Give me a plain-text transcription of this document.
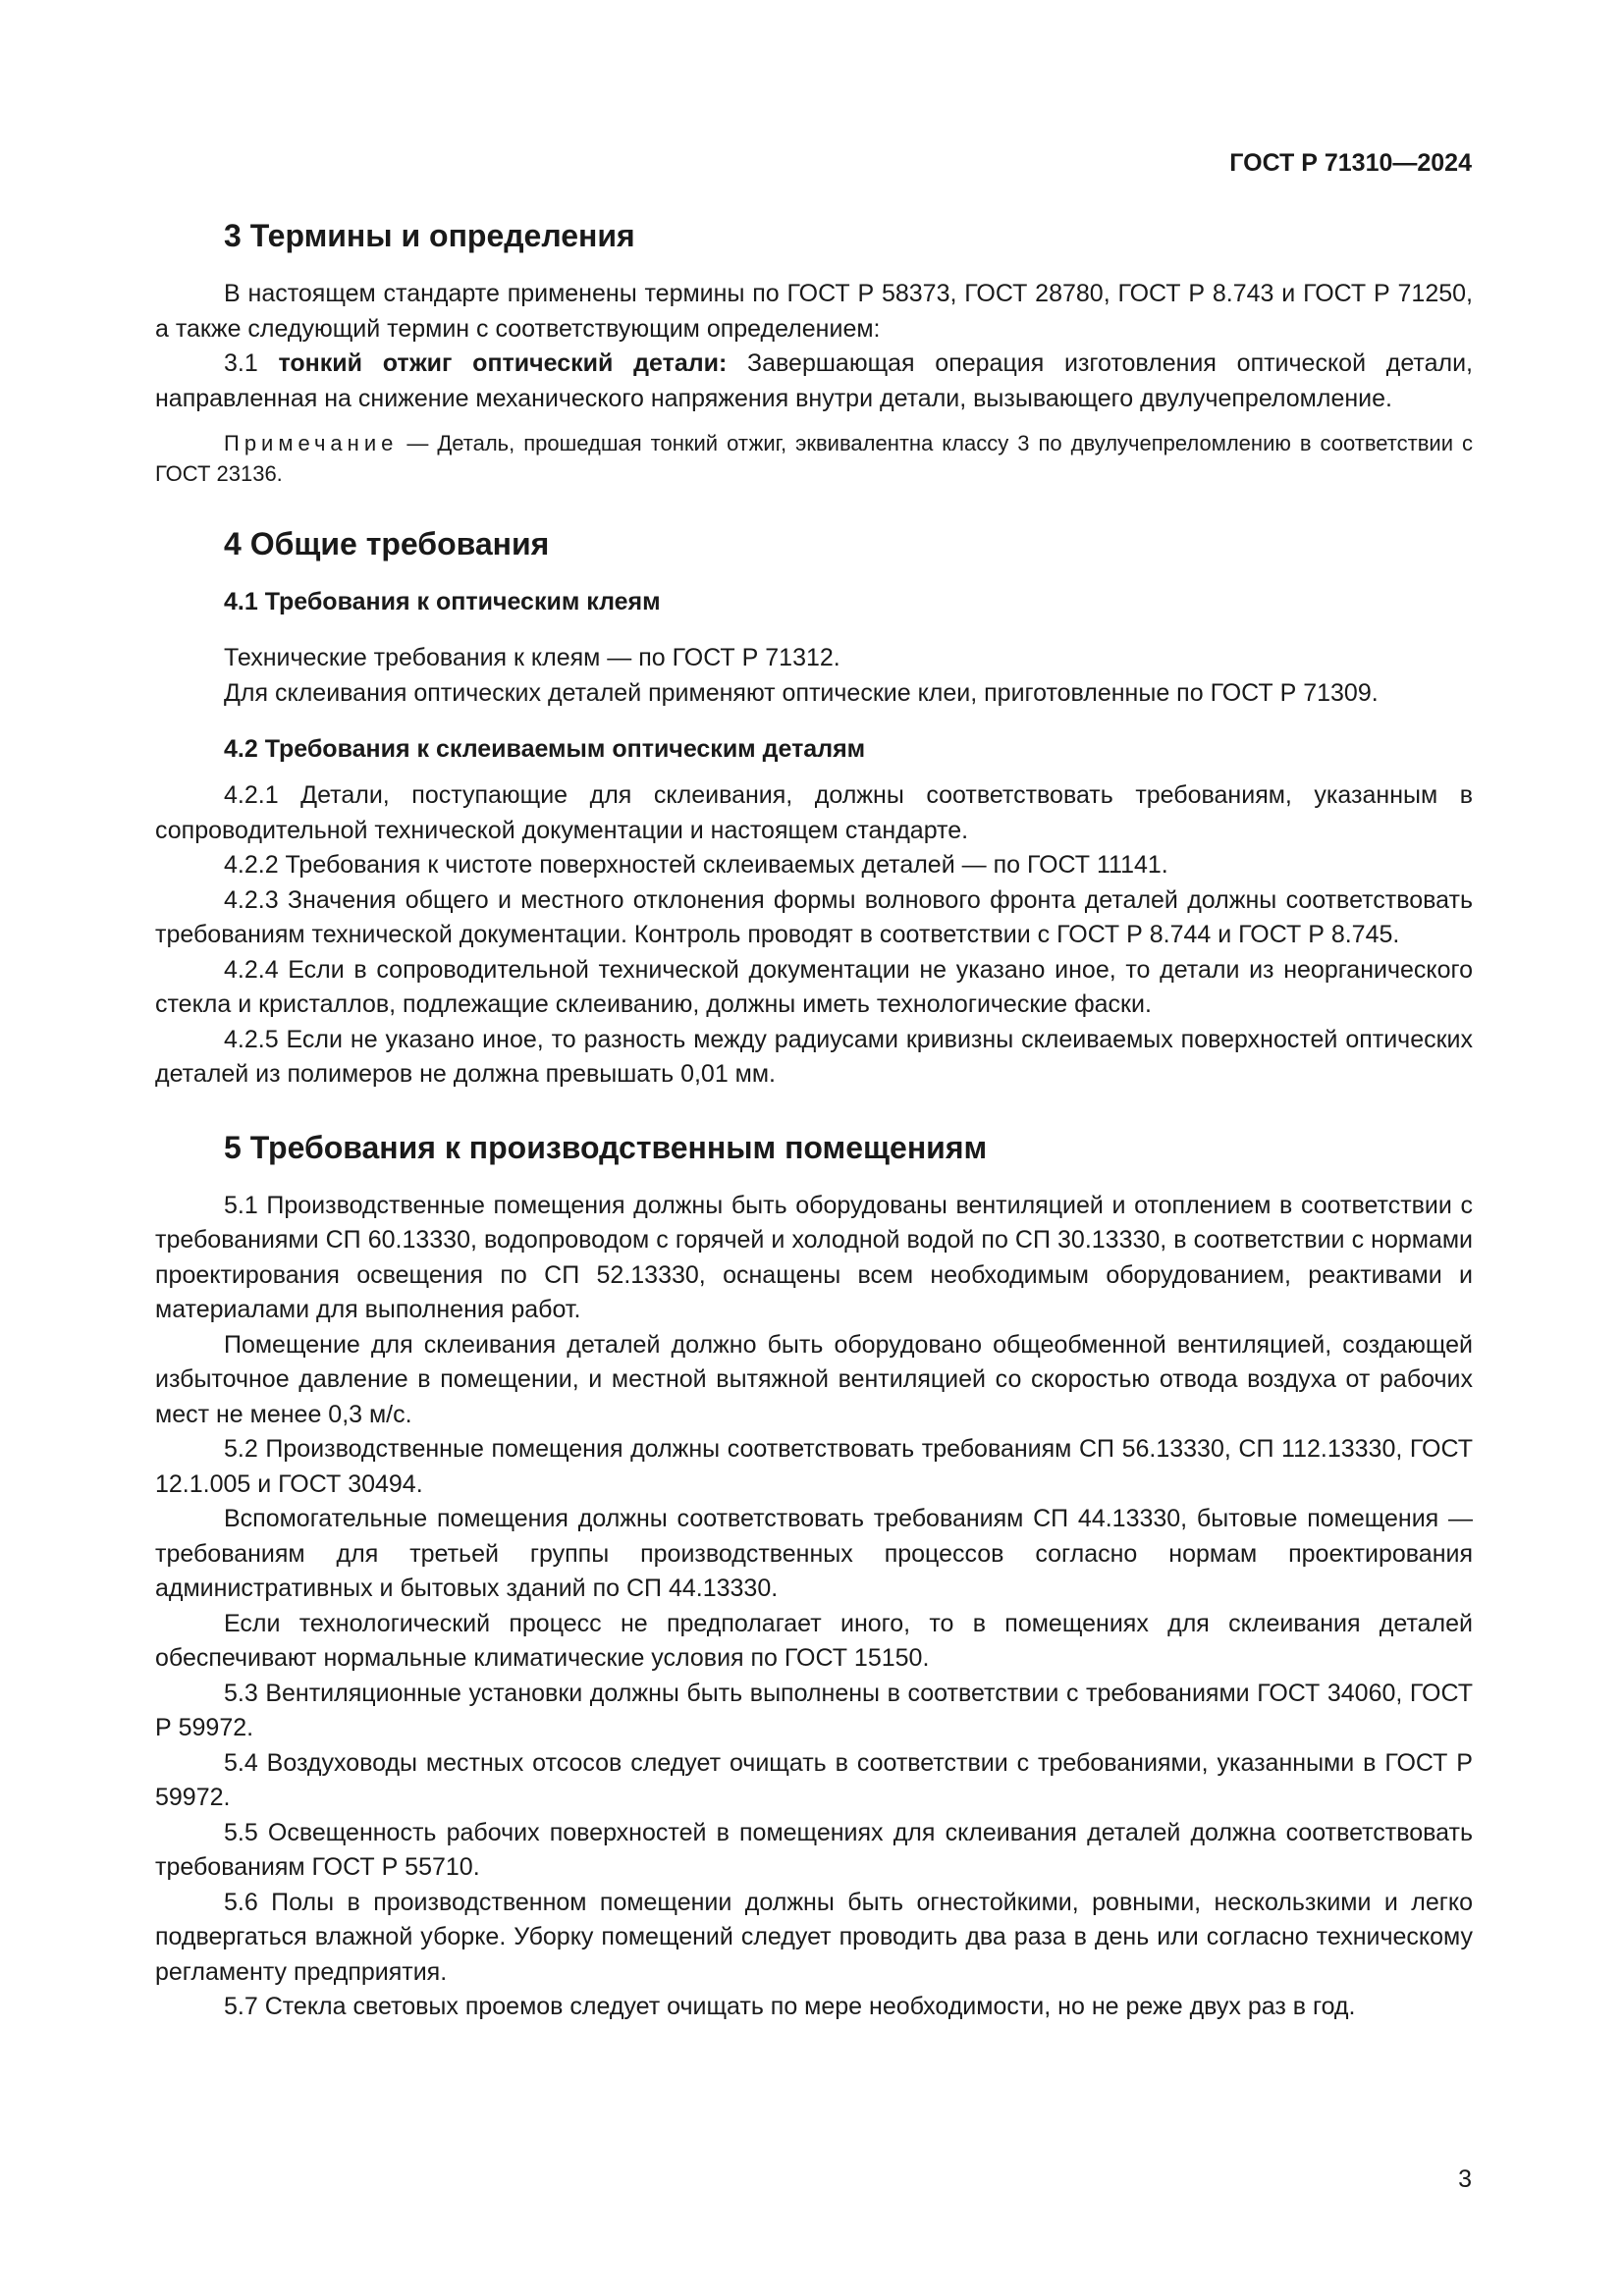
ГОСТ Р 71310—2024
3 Термины и определения

В настоящем стандарте применены термины по ГОСТ Р 58373, ГОСТ 28780, ГОСТ Р 8.743 и ГОСТ Р 71250, а также следующий термин с соответствующим определением:

3.1 тонкий отжиг оптический детали: Завершающая операция изготовления оптической детали, направленная на снижение механического напряжения внутри детали, вызывающего двулучепреломление.

Примечание — Деталь, прошедшая тонкий отжиг, эквивалентна классу 3 по двулучепреломлению в соответствии с ГОСТ 23136.

4 Общие требования
4.1 Требования к оптическим клеям

Технические требования к клеям — по ГОСТ Р 71312.

Для склеивания оптических деталей применяют оптические клеи, приготовленные по ГОСТ Р 71309.

4.2 Требования к склеиваемым оптическим деталям

4.2.1 Детали, поступающие для склеивания, должны соответствовать требованиям, указанным в сопроводительной технической документации и настоящем стандарте.

4.2.2 Требования к чистоте поверхностей склеиваемых деталей — по ГОСТ 11141.

4.2.3 Значения общего и местного отклонения формы волнового фронта деталей должны соответствовать требованиям технической документации. Контроль проводят в соответствии с ГОСТ Р 8.744 и ГОСТ Р 8.745.

4.2.4 Если в сопроводительной технической документации не указано иное, то детали из неорганического стекла и кристаллов, подлежащие склеиванию, должны иметь технологические фаски.

4.2.5 Если не указано иное, то разность между радиусами кривизны склеиваемых поверхностей оптических деталей из полимеров не должна превышать 0,01 мм.

5 Требования к производственным помещениям

5.1 Производственные помещения должны быть оборудованы вентиляцией и отоплением в соответствии с требованиями СП 60.13330, водопроводом с горячей и холодной водой по СП 30.13330, в соответствии с нормами проектирования освещения по СП 52.13330, оснащены всем необходимым оборудованием, реактивами и материалами для выполнения работ.

Помещение для склеивания деталей должно быть оборудовано общеобменной вентиляцией, создающей избыточное давление в помещении, и местной вытяжной вентиляцией со скоростью отвода воздуха от рабочих мест не менее 0,3 м/с.

5.2 Производственные помещения должны соответствовать требованиям СП 56.13330, СП 112.13330, ГОСТ 12.1.005 и ГОСТ 30494.

Вспомогательные помещения должны соответствовать требованиям СП 44.13330, бытовые помещения — требованиям для третьей группы производственных процессов согласно нормам проектирования административных и бытовых зданий по СП 44.13330.

Если технологический процесс не предполагает иного, то в помещениях для склеивания деталей обеспечивают нормальные климатические условия по ГОСТ 15150.

5.3 Вентиляционные установки должны быть выполнены в соответствии с требованиями ГОСТ 34060, ГОСТ Р 59972.

5.4 Воздуховоды местных отсосов следует очищать в соответствии с требованиями, указанными в ГОСТ Р 59972.

5.5 Освещенность рабочих поверхностей в помещениях для склеивания деталей должна соответствовать требованиям ГОСТ Р 55710.

5.6 Полы в производственном помещении должны быть огнестойкими, ровными, нескользкими и легко подвергаться влажной уборке. Уборку помещений следует проводить два раза в день или согласно техническому регламенту предприятия.

5.7 Стекла световых проемов следует очищать по мере необходимости, но не реже двух раз в год.

3
